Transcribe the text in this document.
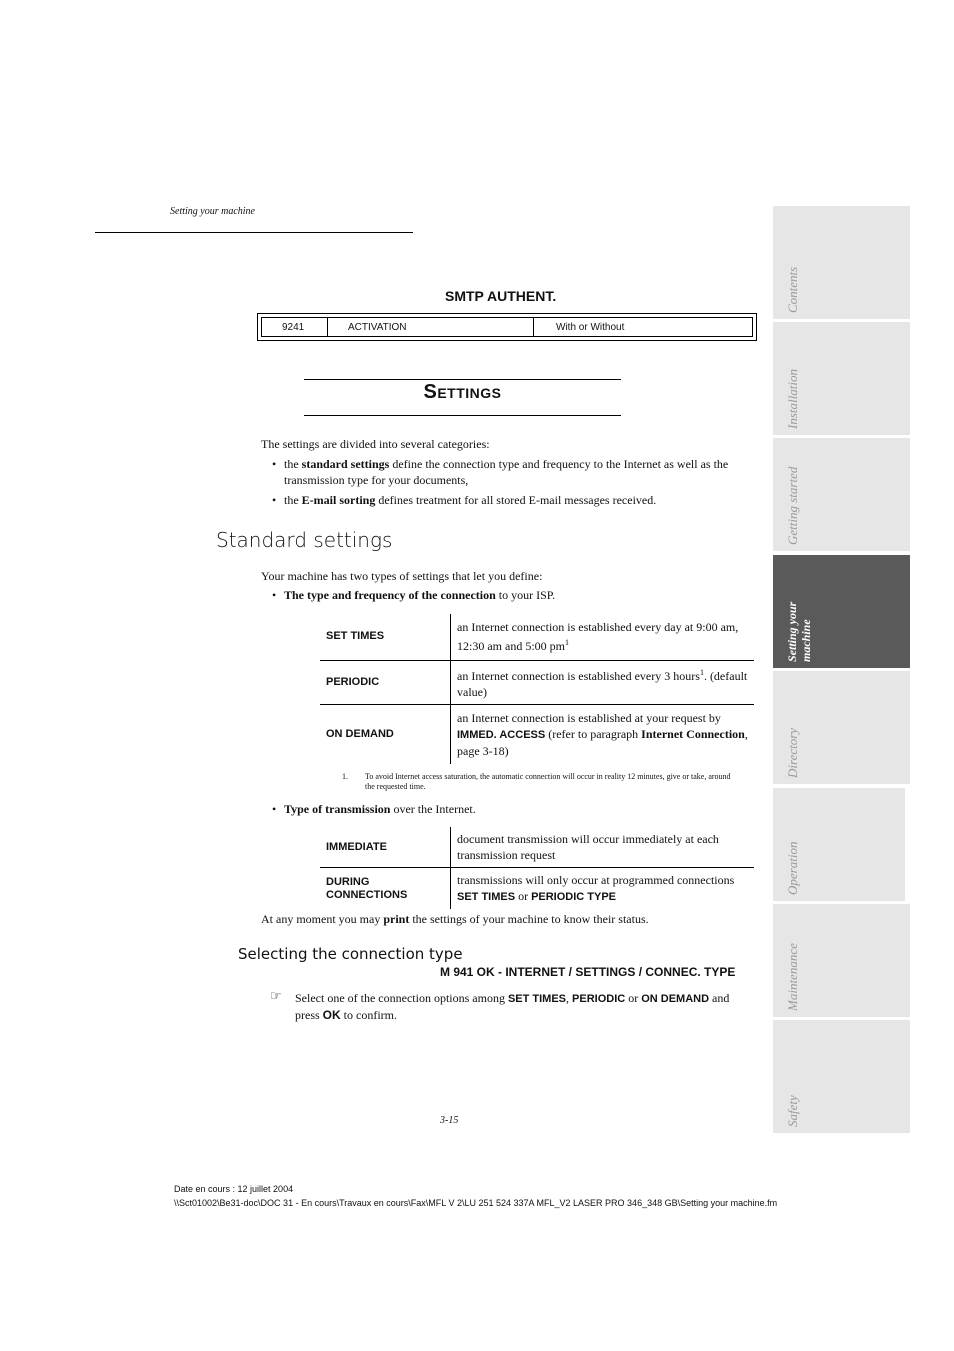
Setting your machine
SMTP AUTHENT.
9241	ACTIVATION	With or Without
Settings
The settings are divided into several categories:
• the standard settings define the connection type and frequency to the Internet as well as the transmission type for your documents,
• the E-mail sorting defines treatment for all stored E-mail messages received.
Standard settings
Your machine has two types of settings that let you define:
• The type and frequency of the connection to your ISP.
SET TIMES	an Internet connection is established every day at 9:00 am, 12:30 am and 5:00 $pm^1$
PERIODIC	an Internet connection is established every 3 hours$^1$. (default value)
ON DEMAND	an Internet connection is established at your request by IMMED. ACCESS (refer to paragraph Internet Connection, page 3-18)
1. To avoid Internet access saturation, the automatic connection will occur in reality 12 minutes, give or take, around the requested time.
• Type of transmission over the Internet.
IMMEDIATE	document transmission will occur immediately at each transmission request
DURING CONNECTIONS	transmissions will only occur at programmed connections SET TIMES or PERIODIC TYPE
At any moment you may print the settings of your machine to know their status.
Selecting the connection type
M 941 OK - INTERNET / SETTINGS / CONNEC. TYPE
☞ Select one of the connection options among SET TIMES, PERIODIC or ON DEMAND and press OK to confirm.
3-15
Date en cours : 12 juillet 2004
\\Sct01002\Be31-doc\DOC 31 - En cours\Travaux en cours\Fax\MFL V 2\LU 251 524 337A MFL_V2 LASER PRO 346_348 GB\Setting your machine.fm
Contents
Installation
Getting started
Setting your machine
Directory
Operation
Maintenance
Safety
